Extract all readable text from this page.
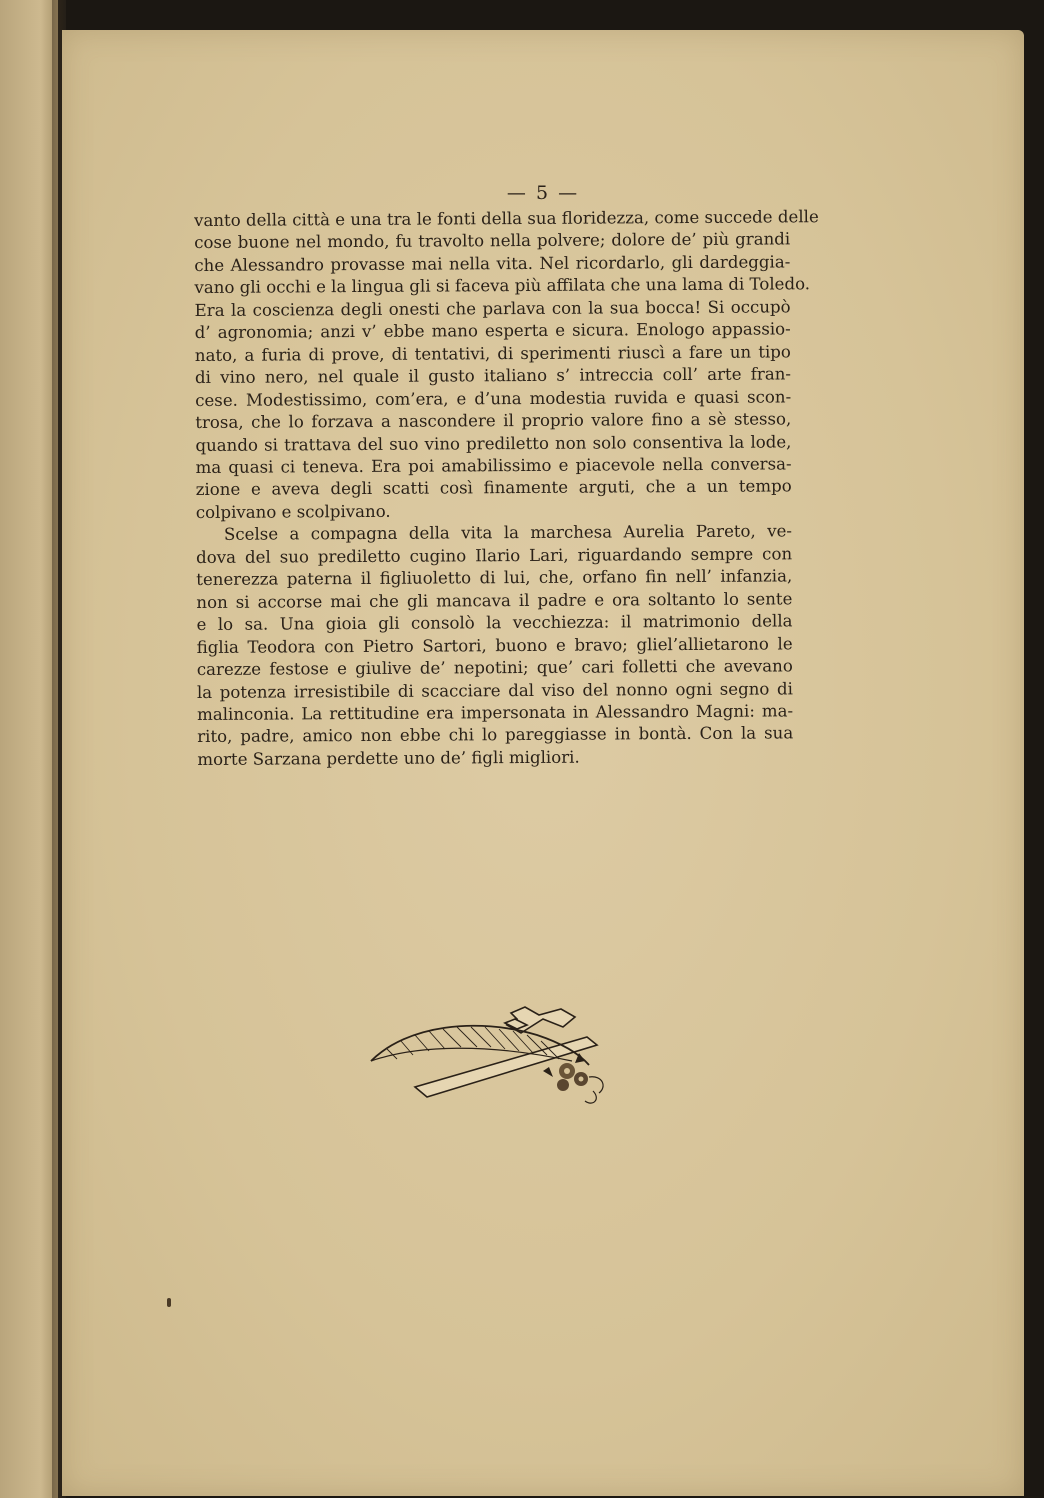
— 5 —
vanto della città e una tra le fonti della sua floridezza, come succede delle
cose buone nel mondo, fu travolto nella polvere; dolore de’ più grandi
che Alessandro provasse mai nella vita. Nel ricordarlo, gli dardeggia-
vano gli occhi e la lingua gli si faceva più affilata che una lama di Toledo.
Era la coscienza degli onesti che parlava con la sua bocca! Si occupò
d’ agronomia; anzi v’ ebbe mano esperta e sicura. Enologo appassio-
nato, a furia di prove, di tentativi, di sperimenti riuscì a fare un tipo
di vino nero, nel quale il gusto italiano s’ intreccia coll’ arte fran-
cese. Modestissimo, com’era, e d’una modestia ruvida e quasi scon-
trosa, che lo forzava a nascondere il proprio valore fino a sè stesso,
quando si trattava del suo vino prediletto non solo consentiva la lode,
ma quasi ci teneva. Era poi amabilissimo e piacevole nella conversa-
zione e aveva degli scatti così finamente arguti, che a un tempo
colpivano e scolpivano.
Scelse a compagna della vita la marchesa Aurelia Pareto, ve-
dova del suo prediletto cugino Ilario Lari, riguardando sempre con
tenerezza paterna il figliuoletto di lui, che, orfano fin nell’ infanzia,
non si accorse mai che gli mancava il padre e ora soltanto lo sente
e lo sa. Una gioia gli consolò la vecchiezza: il matrimonio della
figlia Teodora con Pietro Sartori, buono e bravo; gliel’allietarono le
carezze festose e giulive de’ nepotini; que’ cari folletti che avevano
la potenza irresistibile di scacciare dal viso del nonno ogni segno di
malinconia. La rettitudine era impersonata in Alessandro Magni: ma-
rito, padre, amico non ebbe chi lo pareggiasse in bontà. Con la sua
morte Sarzana perdette uno de’ figli migliori.
